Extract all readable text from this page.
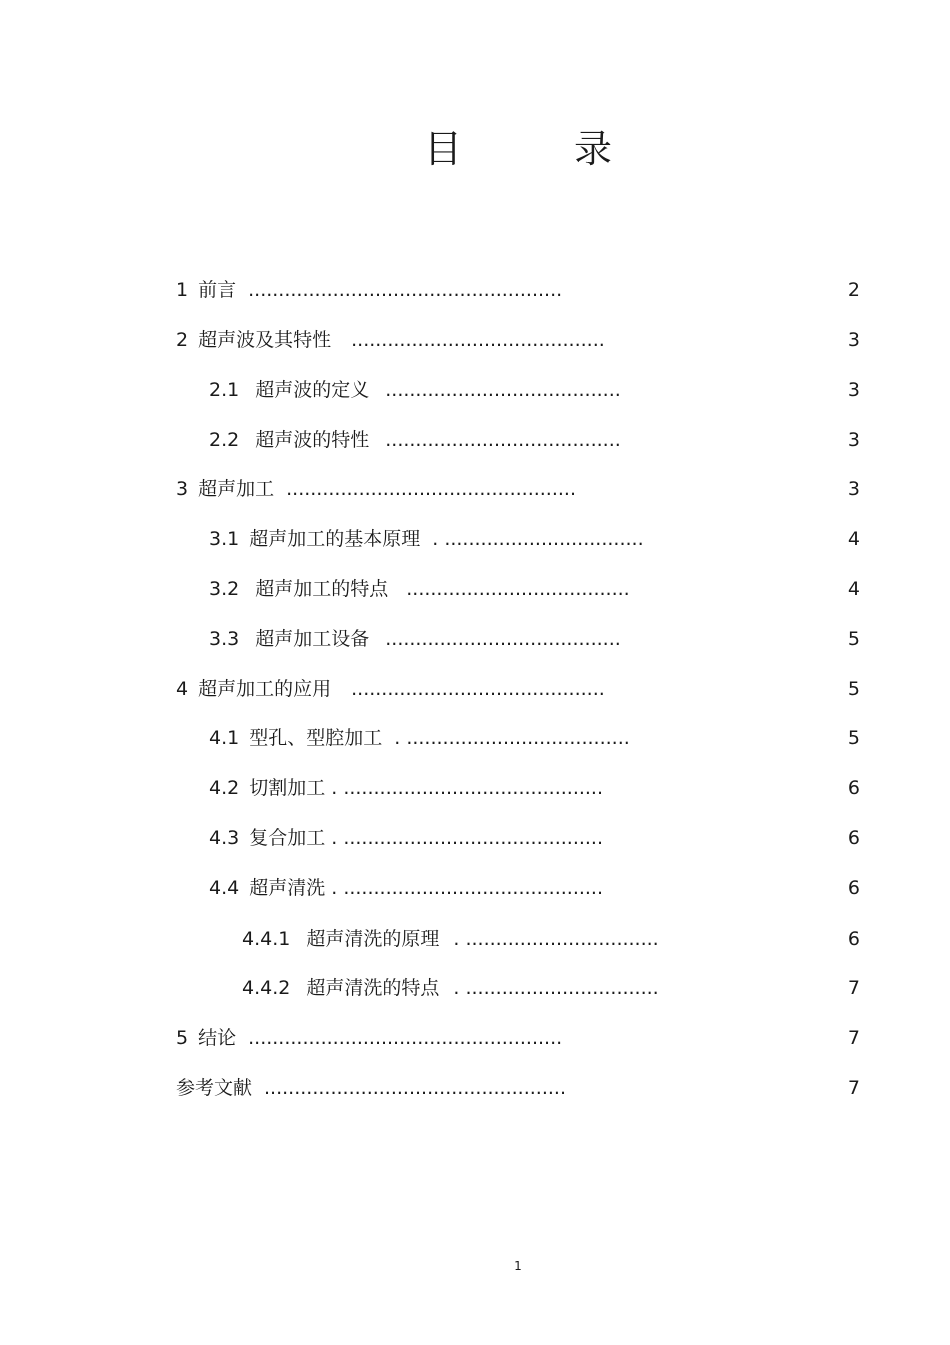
目	录
1 前言 ....................................................	2
2 超声波及其特性 ..........................................	3
2.1 超声波的定义 .......................................	3
2.2 超声波的特性 .......................................	3
3 超声加工 ................................................	3
3.1 超声加工的基本原理 . .................................	4
3.2 超声加工的特点 .....................................	4
3.3 超声加工设备 .......................................	5
4 超声加工的应用 ..........................................	5
4.1 型孔、型腔加工 . .....................................	5
4.2 切割加工 . ...........................................	6
4.3 复合加工 . ...........................................	6
4.4 超声清洗 . ...........................................	6
4.4.1 超声清洗的原理 . ................................	6
4.4.2 超声清洗的特点 . ................................	7
5 结论 ....................................................	7
参考文献 ..................................................	7
1
